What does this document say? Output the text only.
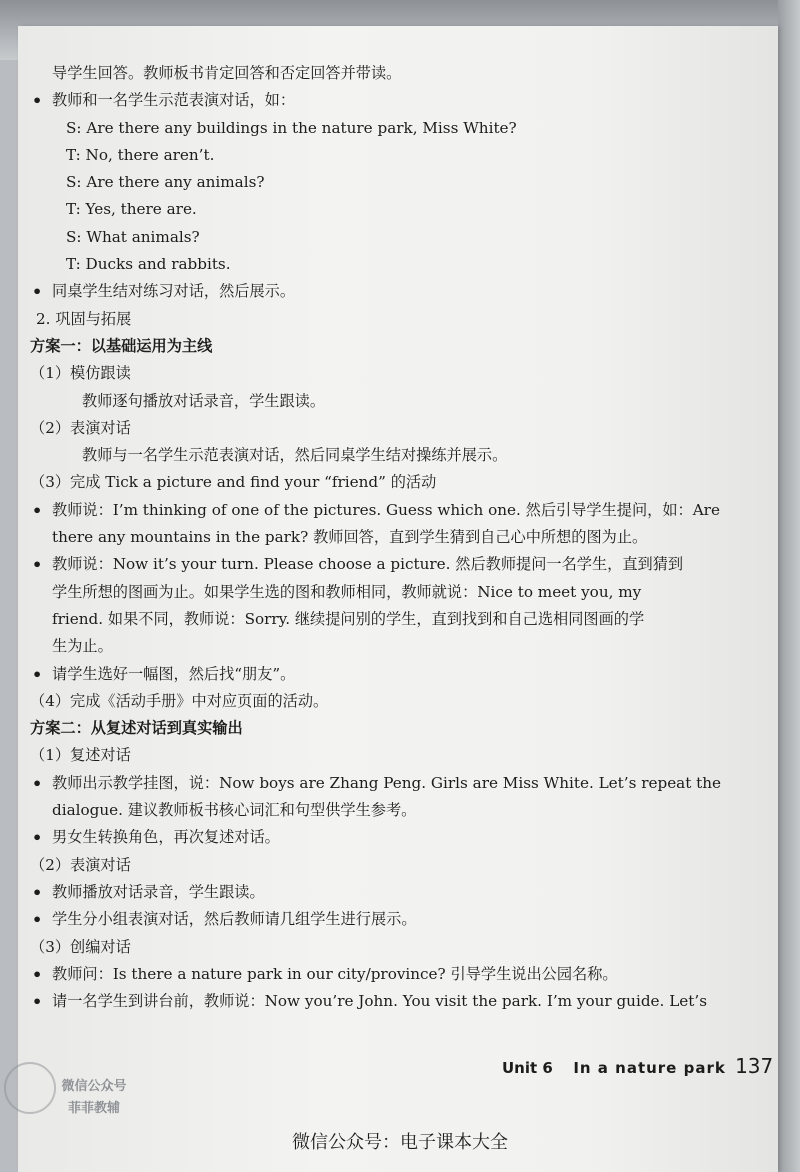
导学生回答。教师板书肯定回答和否定回答并带读。
• 教师和一名学生示范表演对话，如：
S: Are there any buildings in the nature park, Miss White?
T: No, there aren’t.
S: Are there any animals?
T: Yes, there are.
S: What animals?
T: Ducks and rabbits.
• 同桌学生结对练习对话，然后展示。
2. 巩固与拓展
方案一：以基础运用为主线
（1）模仿跟读
教师逐句播放对话录音，学生跟读。
（2）表演对话
教师与一名学生示范表演对话，然后同桌学生结对操练并展示。
（3）完成 Tick a picture and find your “friend” 的活动
• 教师说：I’m thinking of one of the pictures. Guess which one. 然后引导学生提问，如：Are
there any mountains in the park? 教师回答，直到学生猜到自己心中所想的图为止。
• 教师说：Now it’s your turn. Please choose a picture. 然后教师提问一名学生，直到猜到
学生所想的图画为止。如果学生选的图和教师相同，教师就说：Nice to meet you, my
friend. 如果不同，教师说：Sorry. 继续提问别的学生，直到找到和自己选相同图画的学
生为止。
• 请学生选好一幅图，然后找“朋友”。
（4）完成《活动手册》中对应页面的活动。
方案二：从复述对话到真实输出
（1）复述对话
• 教师出示教学挂图，说：Now boys are Zhang Peng. Girls are Miss White. Let’s repeat the
dialogue. 建议教师板书核心词汇和句型供学生参考。
• 男女生转换角色，再次复述对话。
（2）表演对话
• 教师播放对话录音，学生跟读。
• 学生分小组表演对话，然后教师请几组学生进行展示。
（3）创编对话
• 教师问：Is there a nature park in our city/province? 引导学生说出公园名称。
• 请一名学生到讲台前，教师说：Now you’re John. You visit the park. I’m your guide. Let’s
微信公众号
菲菲教辅
Unit 6 In a nature park 137
微信公众号：电子课本大全
